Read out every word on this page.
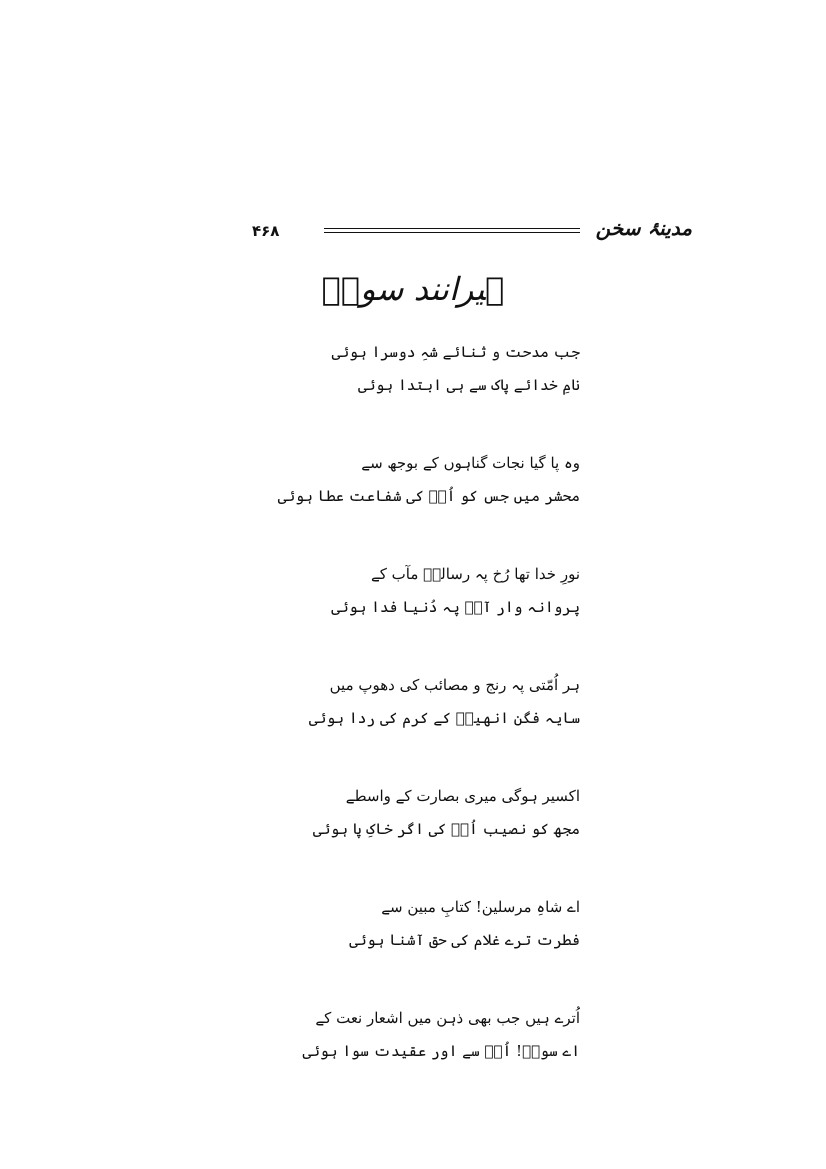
۴۶۸	مدینۂ سخن
ہیرانند سوزؔ
جب مدحت و ثنائے شہِ دوسرا ہوئی
نامِ خدائے پاک سے ہی ابتدا ہوئی
وہ پا گیا نجات گناہوں کے بوجھ سے
محشر میں جس کو اُنؐ کی شفاعت عطا ہوئی
نورِ خدا تھا رُخ پہ رسالتؐ مآب کے
پروانہ وار آپؐ پہ دُنیا فدا ہوئی
ہر اُمّتی پہ رنج و مصائب کی دھوپ میں
سایہ فگن انھیںؐ کے کرم کی ردا ہوئی
اکسیر ہوگی میری بصارت کے واسطے
مجھ کو نصیب اُنؐ کی اگر خاکِ پا ہوئی
اے شاہِ مرسلین! کتابِ مبین سے
فطرت ترے غلام کی حق آشنا ہوئی
اُترے ہیں جب بھی ذہن میں اشعار نعت کے
اے سوزؔ! اُنؐ سے اور عقیدت سوا ہوئی
